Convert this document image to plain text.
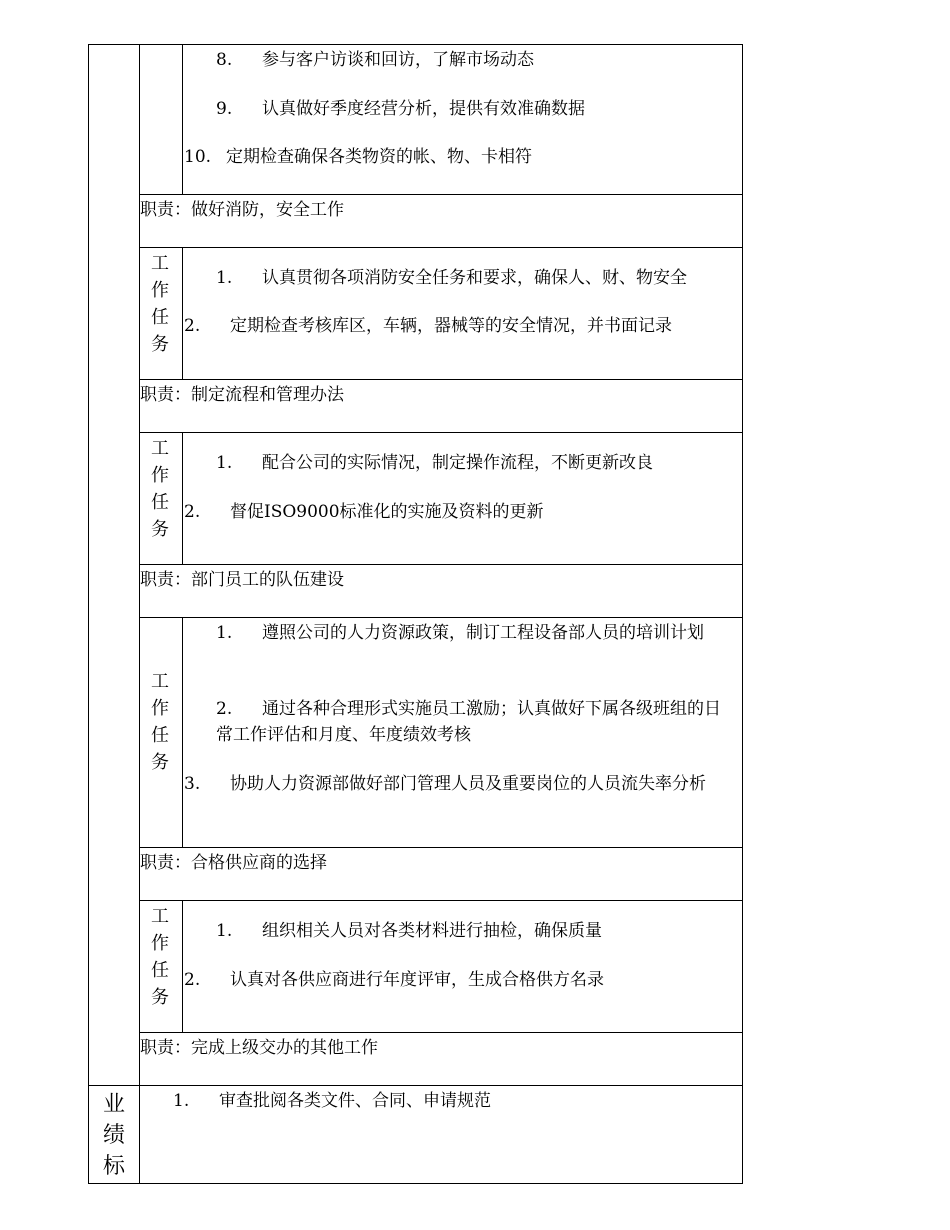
8. 参与客户访谈和回访，了解市场动态
9. 认真做好季度经营分析，提供有效准确数据
10. 定期检查确保各类物资的帐、物、卡相符
职责：做好消防，安全工作
工
作
任
务
1. 认真贯彻各项消防安全任务和要求，确保人、财、物安全
2. 定期检查考核库区，车辆，器械等的安全情况，并书面记录
职责：制定流程和管理办法
工
作
任
务
1. 配合公司的实际情况，制定操作流程，不断更新改良
2. 督促ISO9000标准化的实施及资料的更新
职责：部门员工的队伍建设
工
作
任
务
1. 遵照公司的人力资源政策，制订工程设备部人员的培训计划
2. 通过各种合理形式实施员工激励；认真做好下属各级班组的日常工作评估和月度、年度绩效考核
3. 协助人力资源部做好部门管理人员及重要岗位的人员流失率分析
职责：合格供应商的选择
工
作
任
务
1. 组织相关人员对各类材料进行抽检，确保质量
2. 认真对各供应商进行年度评审，生成合格供方名录
职责：完成上级交办的其他工作
业
绩
标
1. 审查批阅各类文件、合同、申请规范
